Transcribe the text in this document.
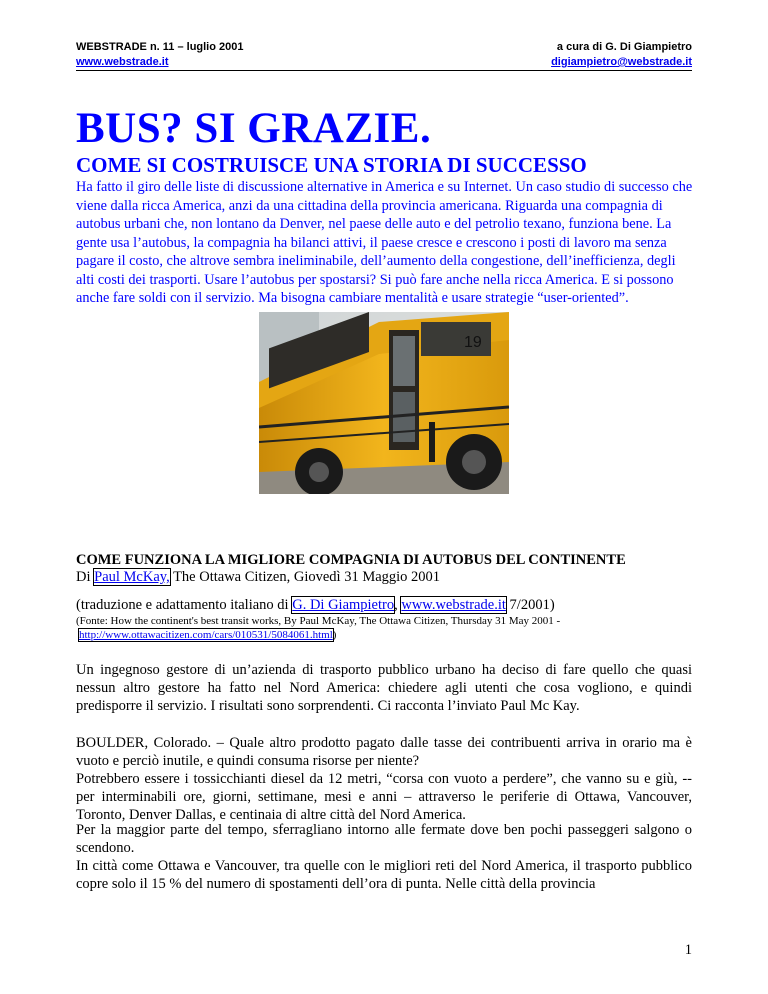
WEBSTRADE n. 11 – luglio 2001
www.webstrade.it
a cura di G. Di Giampietro
digiampietro@webstrade.it
BUS? SI GRAZIE.
COME SI COSTRUISCE UNA STORIA DI SUCCESSO

Ha fatto il giro delle liste di discussione alternative in America e su Internet. Un caso studio di successo che viene dalla ricca America, anzi da una cittadina della provincia americana. Riguarda una compagnia di autobus urbani che, non lontano da Denver, nel paese delle auto e del petrolio texano, funziona bene. La gente usa l’autobus, la compagnia ha bilanci attivi, il paese cresce e crescono i posti di lavoro ma senza pagare il costo, che altrove sembra ineliminabile, dell’aumento della congestione, dell’inefficienza, degli alti costi dei trasporti. Usare l’autobus per spostarsi? Si può fare anche nella ricca America. E si possono anche fare soldi con il servizio. Ma bisogna cambiare mentalità e usare strategie “user-oriented”.

19
COME FUNZIONA LA MIGLIORE COMPAGNIA DI AUTOBUS DEL CONTINENTE
Di Paul McKay, The Ottawa Citizen, Giovedì 31 Maggio 2001
(traduzione e adattamento italiano di G. Di Giampietro, www.webstrade.it 7/2001)
(Fonte: How the continent's best transit works, By Paul McKay, The Ottawa Citizen, Thursday 31 May 2001 -
http://www.ottawacitizen.com/cars/010531/5084061.html)

Un ingegnoso gestore di un’azienda di trasporto pubblico urbano ha deciso di fare quello che quasi nessun altro gestore ha fatto nel Nord America: chiedere agli utenti che cosa vogliono, e quindi predisporre il servizio. I risultati sono sorprendenti. Ci racconta l’inviato Paul Mc Kay.

BOULDER, Colorado. – Quale altro prodotto pagato dalle tasse dei contribuenti arriva in orario ma è vuoto e perciò inutile, e quindi consuma risorse per niente?
Potrebbero essere i tossicchianti diesel da 12 metri, “corsa con vuoto a perdere”, che vanno su e giù, -- per interminabili ore, giorni, settimane, mesi e anni – attraverso le periferie di Ottawa, Vancouver, Toronto, Denver Dallas, e centinaia di altre città del Nord America.

Per la maggior parte del tempo, sferragliano intorno alle fermate dove ben pochi passeggeri salgono o scendono.
In città come Ottawa e Vancouver, tra quelle con le migliori reti del Nord America, il trasporto pubblico copre solo il 15 % del numero di spostamenti dell’ora di punta. Nelle città della provincia

1
